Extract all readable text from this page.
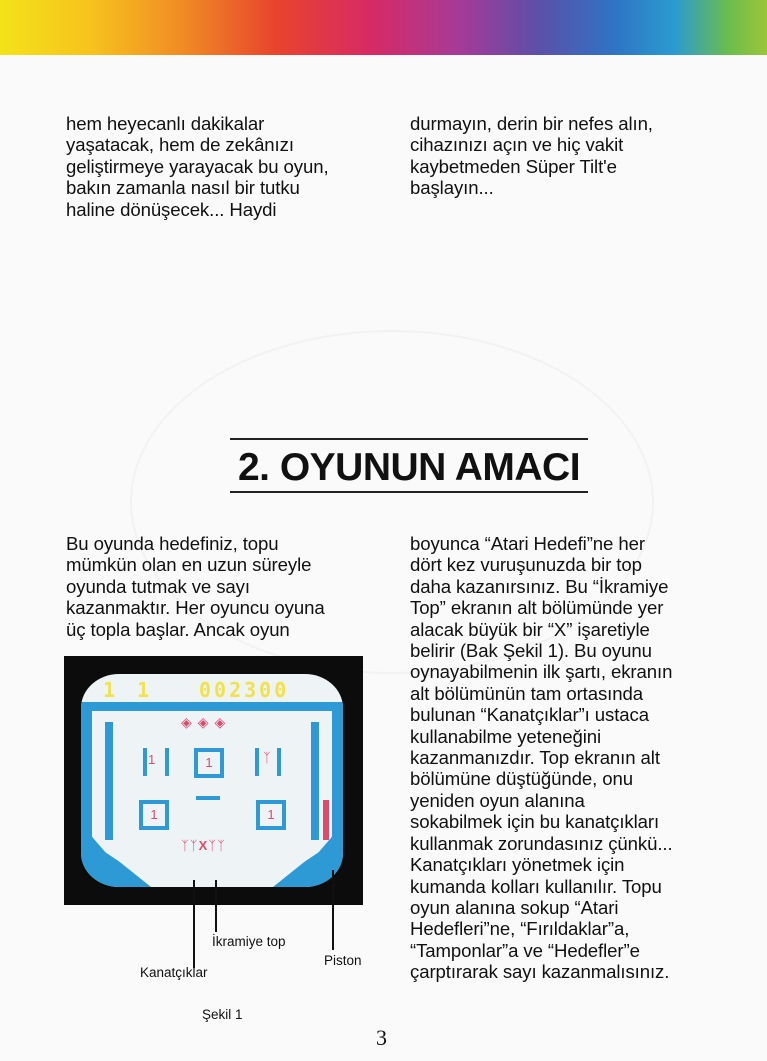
hem heyecanlı dakikalar
yaşatacak, hem de zekânızı
geliştirmeye yarayacak bu oyun,
bakın zamanla nasıl bir tutku
haline dönüşecek... Haydi
durmayın, derin bir nefes alın,
cihazınızı açın ve hiç vakit
kaybetmeden Süper Tilt'e
başlayın...
2. OYUNUN AMACI
Bu oyunda hedefiniz, topu
mümkün olan en uzun süreyle
oyunda tutmak ve sayı
kazanmaktır. Her oyuncu oyuna
üç topla başlar. Ancak oyun
boyunca “Atari Hedefi”ne her
dört kez vuruşunuzda bir top
daha kazanırsınız. Bu “İkramiye
Top” ekranın alt bölümünde yer
alacak büyük bir “X” işaretiyle
belirir (Bak Şekil 1). Bu oyunu
oynayabilmenin ilk şartı, ekranın
alt bölümünün tam ortasında
bulunan “Kanatçıklar”ı ustaca
kullanabilme yeteneğini
kazanmanızdır. Top ekranın alt
bölümüne düştüğünde, onu
yeniden oyun alanına
sokabilmek için bu kanatçıkları
kullanmak zorundasınız çünkü...
Kanatçıkları yönetmek için
kumanda kolları kullanılır. Topu
oyun alanına sokup “Atari
Hedefleri”ne, “Fırıldaklar”a,
“Tamponlar”a ve “Hedefler”e
çarptırarak sayı kazanmalısınız.
1 1 002300
◈◈◈
1
1	1
1	ᛉ
ᛉᛉXᛉᛉ
İkramiye top
Piston
Kanatçıklar
Şekil 1
3
